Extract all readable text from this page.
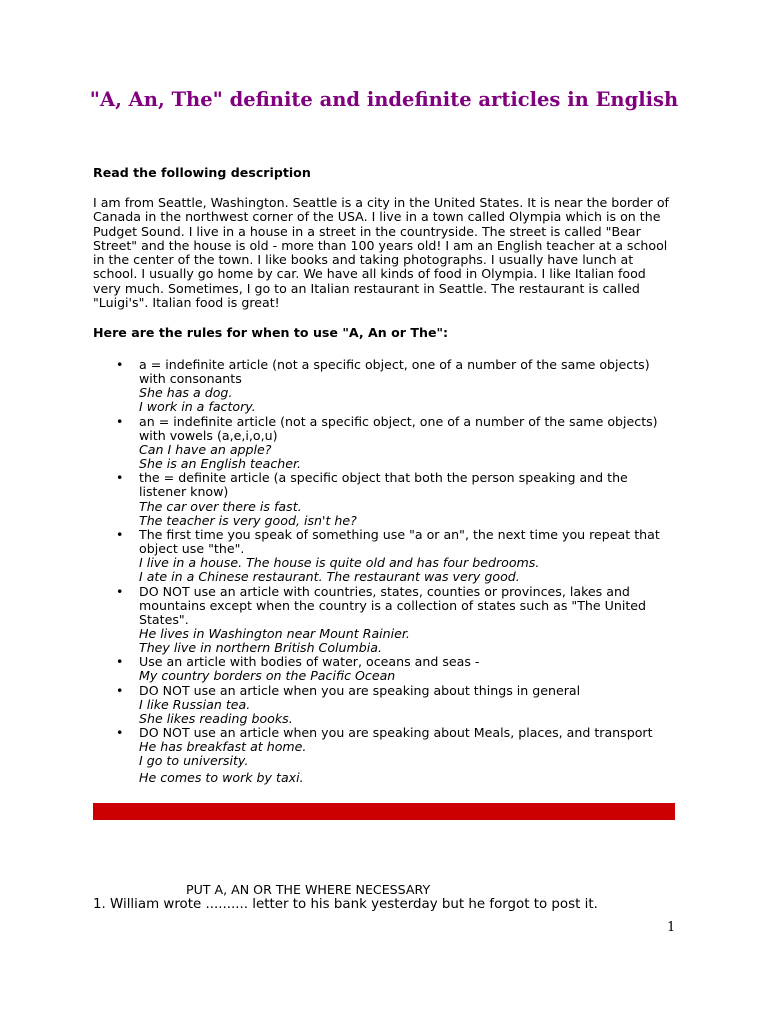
"A, An, The" definite and indefinite articles in English

Read the following description

I am from Seattle, Washington. Seattle is a city in the United States. It is near the border of Canada in the northwest corner of the USA. I live in a town called Olympia which is on the Pudget Sound. I live in a house in a street in the countryside. The street is called "Bear Street" and the house is old - more than 100 years old! I am an English teacher at a school in the center of the town. I like books and taking photographs. I usually have lunch at school. I usually go home by car. We have all kinds of food in Olympia. I like Italian food very much. Sometimes, I go to an Italian restaurant in Seattle. The restaurant is called "Luigi's". Italian food is great!

Here are the rules for when to use "A, An or The":

• a = indefinite article (not a specific object, one of a number of the same objects) with consonants
She has a dog.
I work in a factory.
• an = indefinite article (not a specific object, one of a number of the same objects) with vowels (a,e,i,o,u)
Can I have an apple?
She is an English teacher.
• the = definite article (a specific object that both the person speaking and the listener know)
The car over there is fast.
The teacher is very good, isn't he?
• The first time you speak of something use "a or an", the next time you repeat that object use "the".
I live in a house. The house is quite old and has four bedrooms.
I ate in a Chinese restaurant. The restaurant was very good.
• DO NOT use an article with countries, states, counties or provinces, lakes and mountains except when the country is a collection of states such as "The United States".
He lives in Washington near Mount Rainier.
They live in northern British Columbia.
• Use an article with bodies of water, oceans and seas -
My country borders on the Pacific Ocean
• DO NOT use an article when you are speaking about things in general
I like Russian tea.
She likes reading books.
• DO NOT use an article when you are speaking about Meals, places, and transport
He has breakfast at home.
I go to university.
He comes to work by taxi.

PUT A, AN OR THE WHERE NECESSARY

1. William wrote .......... letter to his bank yesterday but he forgot to post it.

1
